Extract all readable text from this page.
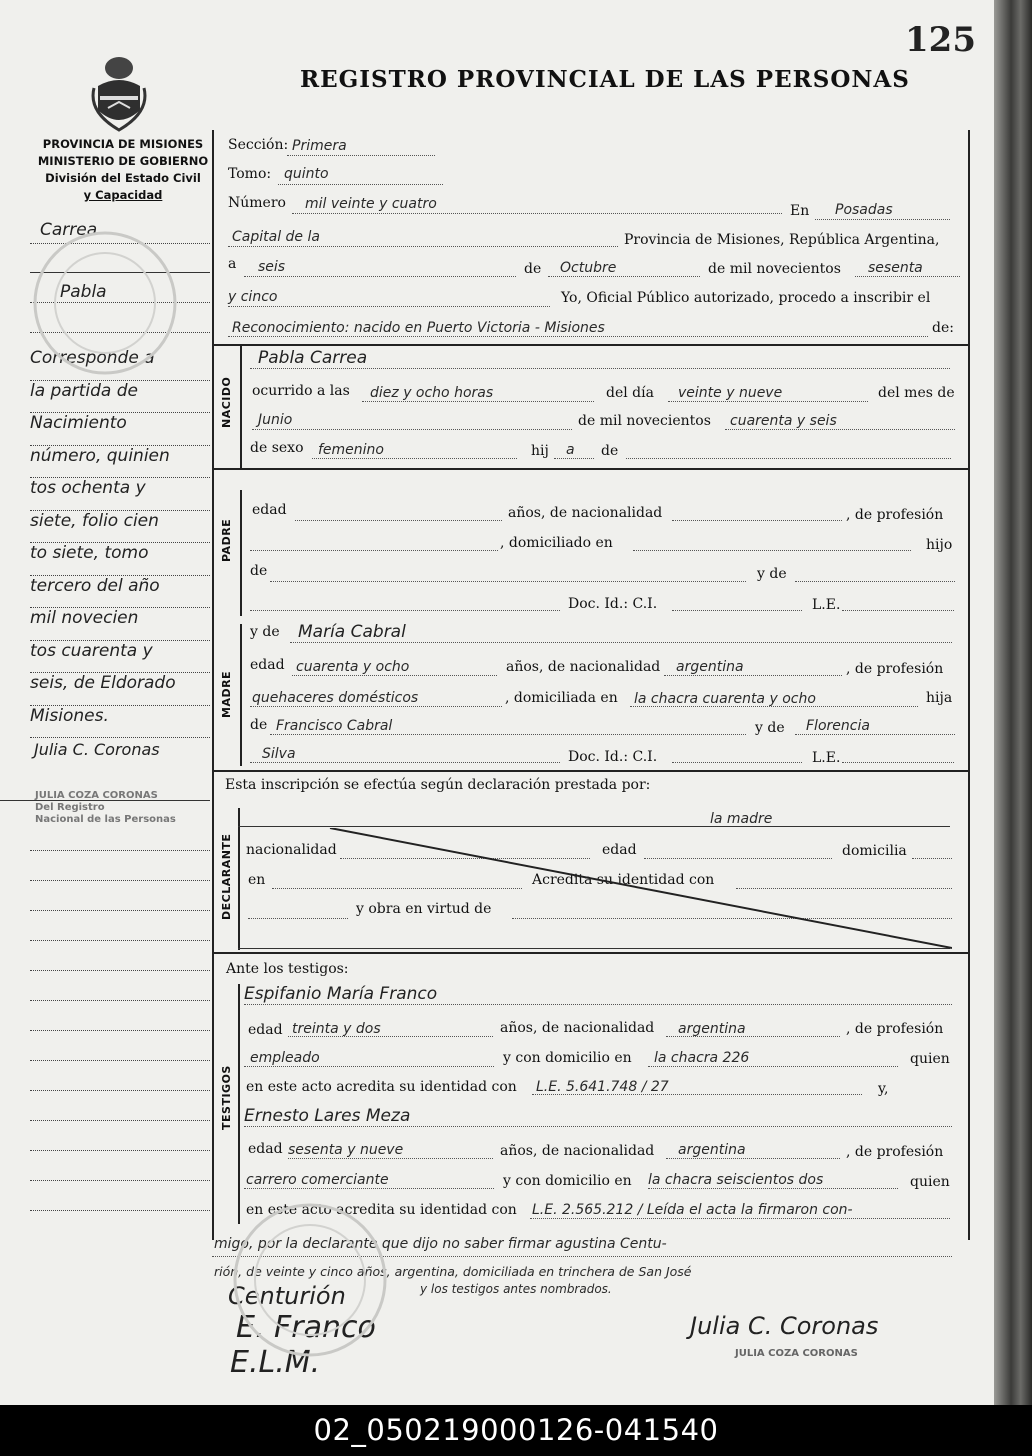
125
REGISTRO PROVINCIAL DE LAS PERSONAS
PROVINCIA DE MISIONES
MINISTERIO DE GOBIERNO
División del Estado Civil
y Capacidad
Carrea
Pabla
Corresponde a
la partida de
Nacimiento
número, quinien
tos ochenta y
siete, folio cien
to siete, tomo
tercero del año
mil novecien
tos cuarenta y
seis, de Eldorado
Misiones.
Julia C. Coronas
JULIA COZA CORONAS
Del Registro
Nacional de las Personas
Sección: Primera
Tomo: quinto
Número mil veinte y cuatro	En Posadas
Capital de la	Provincia de Misiones, República Argentina,
a seis	de Octubre	de mil novecientos sesenta
y cinco	Yo, Oficial Público autorizado, procedo a inscribir el
Reconocimiento: nacido en Puerto Victoria - Misiones	de:
NACIDO
Pabla Carrea
ocurrido a las diez y ocho horas	del día veinte y nueve	del mes de
Junio	de mil novecientos cuarenta y seis
de sexo femenino	hij a de
PADRE
edad	años, de nacionalidad	, de profesión
, domiciliado en	hijo
de	y de
Doc. Id.: C.I.	L.E.
MADRE
y de María Cabral
edad cuarenta y ocho	años, de nacionalidad argentina	, de profesión
quehaceres domésticos	, domiciliada en la chacra cuarenta y ocho	hija
de Francisco Cabral	y de Florencia
Silva	Doc. Id.: C.I.	L.E.
Esta inscripción se efectúa según declaración prestada por:
la madre
DECLARANTE nacionalidad	edad	domicilia
en	Acredita su identidad con
y obra en virtud de
Ante los testigos:
TESTIGOS
Espifanio María Franco
edad treinta y dos	años, de nacionalidad argentina	, de profesión
empleado	y con domicilio en la chacra 226	quien
en este acto acredita su identidad con L.E. 5.641.748 / 27	y,
Ernesto Lares Meza
edad sesenta y nueve	años, de nacionalidad argentina	, de profesión
carrero comerciante	y con domicilio en la chacra seiscientos dos	quien
en este acto acredita su identidad con L.E. 2.565.212 / Leída el acta la firmaron con-
migo, por la declarante que dijo no saber firmar agustina Centu-
rión, de veinte y cinco años, argentina, domiciliada en trinchera de San José
y los testigos antes nombrados.
Centurión
E. Franco
E.L.M.
Julia C. Coronas
JULIA COZA CORONAS
02_050219000126-041540
